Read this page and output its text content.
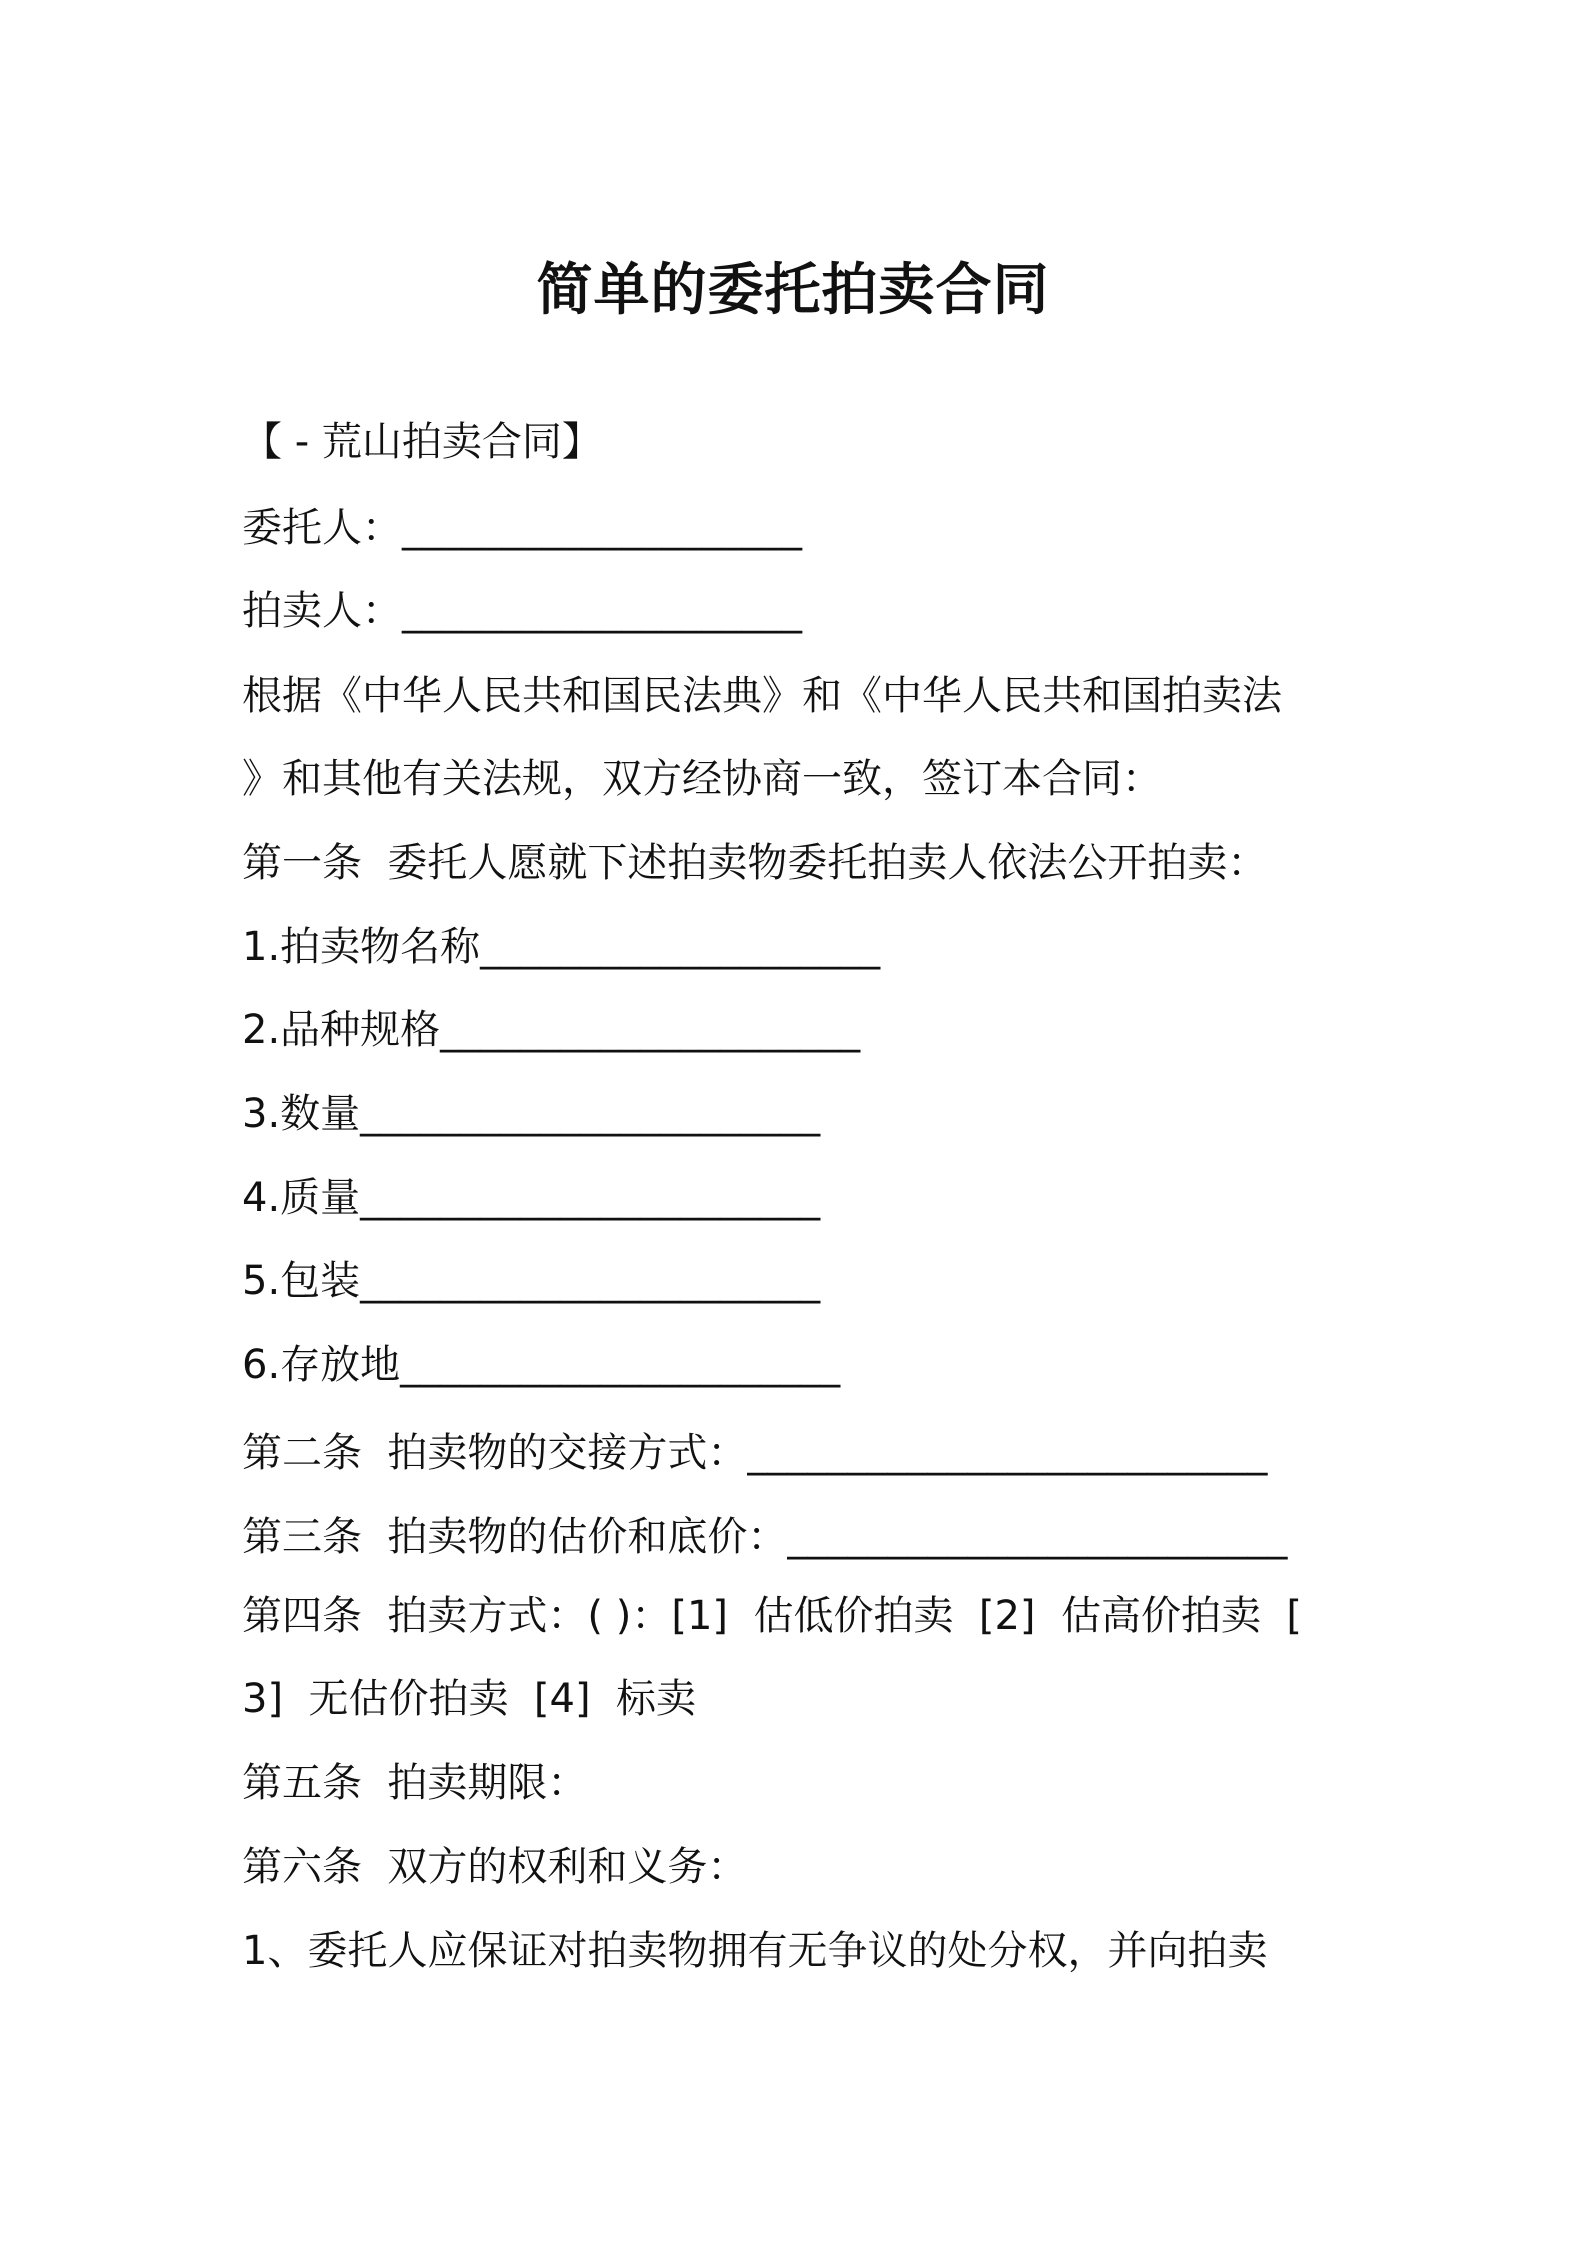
简单的委托拍卖合同
【 - 荒山拍卖合同】
委托人：____________________
拍卖人：____________________
根据《中华人民共和国民法典》和《中华人民共和国拍卖法
》和其他有关法规，双方经协商一致，签订本合同：
第一条  委托人愿就下述拍卖物委托拍卖人依法公开拍卖：
1.拍卖物名称____________________
2.品种规格_____________________
3.数量_______________________
4.质量_______________________
5.包装_______________________
6.存放地______________________
第二条  拍卖物的交接方式：__________________________
第三条  拍卖物的估价和底价：_________________________
第四条  拍卖方式：( )：[1]  估低价拍卖  [2]  估高价拍卖  [
3]  无估价拍卖  [4]  标卖
第五条  拍卖期限：
第六条  双方的权利和义务：
1、委托人应保证对拍卖物拥有无争议的处分权，并向拍卖
